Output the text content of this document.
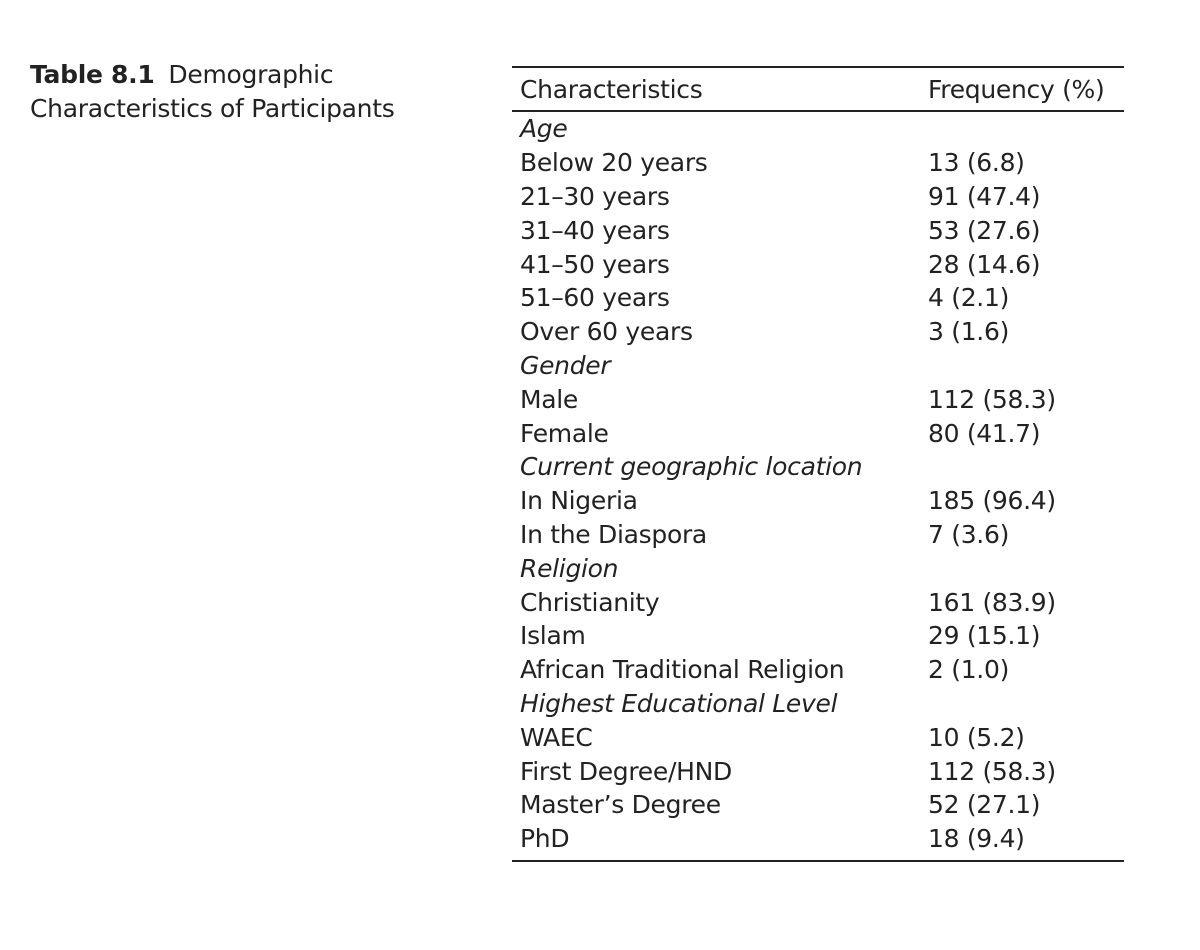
Table 8.1 Demographic Characteristics of Participants
Characteristics	Frequency (%)
Age	
Below 20 years	13 (6.8)
21–30 years	91 (47.4)
31–40 years	53 (27.6)
41–50 years	28 (14.6)
51–60 years	4 (2.1)
Over 60 years	3 (1.6)
Gender	
Male	112 (58.3)
Female	80 (41.7)
Current geographic location	
In Nigeria	185 (96.4)
In the Diaspora	7 (3.6)
Religion	
Christianity	161 (83.9)
Islam	29 (15.1)
African Traditional Religion	2 (1.0)
Highest Educational Level	
WAEC	10 (5.2)
First Degree/HND	112 (58.3)
Master’s Degree	52 (27.1)
PhD	18 (9.4)
